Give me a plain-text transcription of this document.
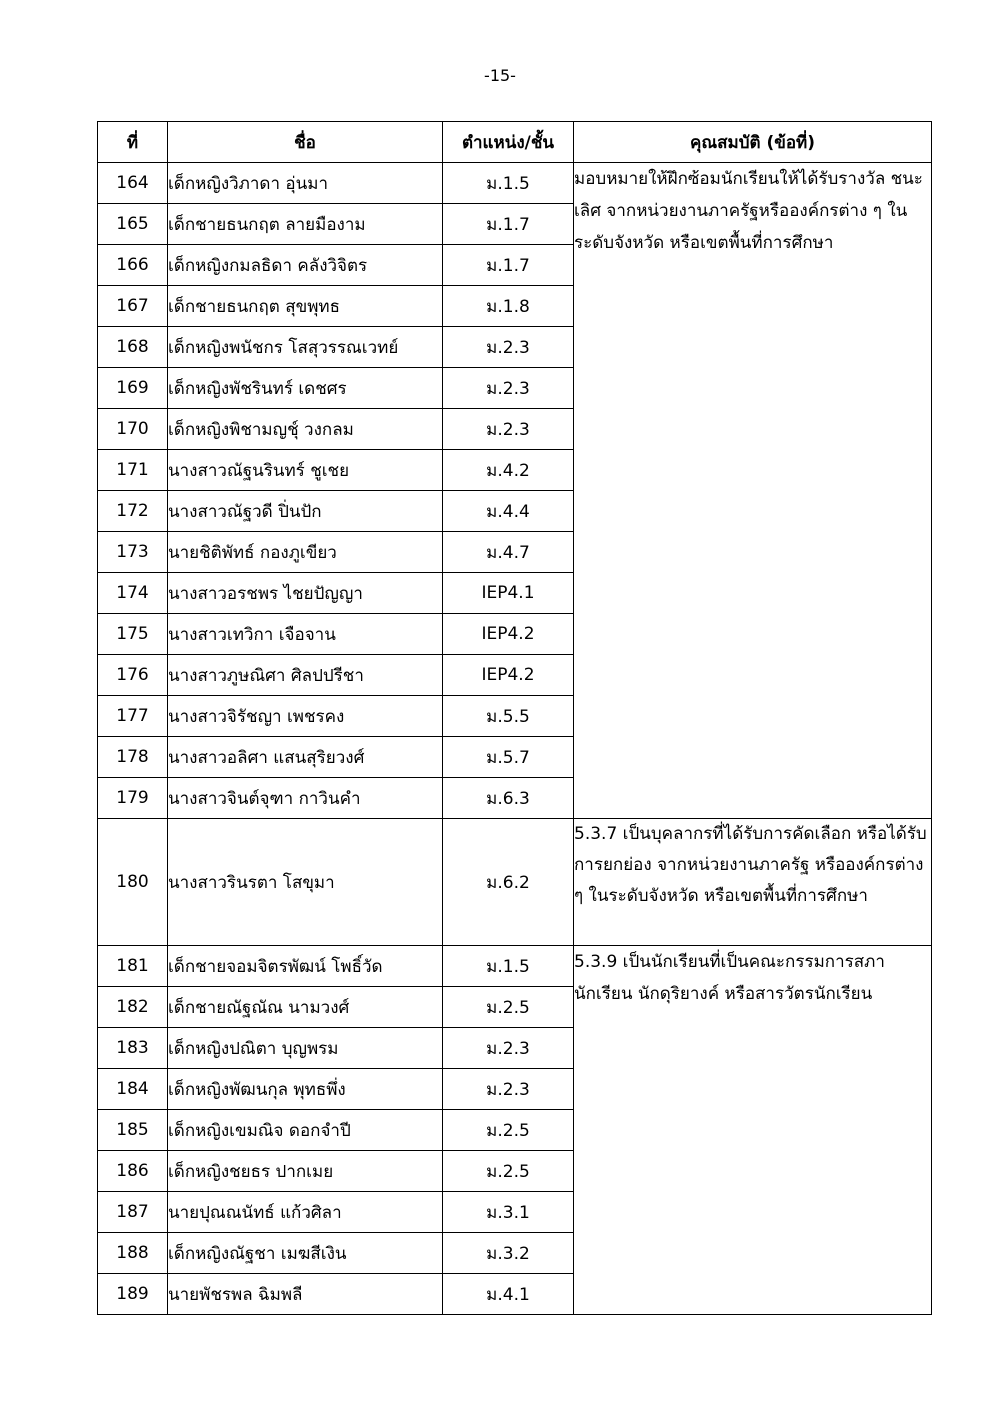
-15-
ที่	ชื่อ	ตำแหน่ง/ชั้น	คุณสมบัติ (ข้อที่)
164	เด็กหญิงวิภาดา อุ่นมา	ม.1.5	มอบหมายให้ฝึกซ้อมนักเรียนให้ได้รับรางวัล ชนะเลิศ จากหน่วยงานภาครัฐหรือองค์กรต่าง ๆ ในระดับจังหวัด หรือเขตพื้นที่การศึกษา
165	เด็กชายธนกฤต ลายมืองาม	ม.1.7	
166	เด็กหญิงกมลธิดา คลังวิจิตร	ม.1.7	
167	เด็กชายธนกฤต สุขพุทธ	ม.1.8	
168	เด็กหญิงพนัชกร โสสุวรรณเวทย์	ม.2.3	
169	เด็กหญิงพัชรินทร์ เดชศร	ม.2.3	
170	เด็กหญิงพิชามญชุ์ วงกลม	ม.2.3	
171	นางสาวณัฐนรินทร์ ชูเชย	ม.4.2	
172	นางสาวณัฐวดี ปิ่นปัก	ม.4.4	
173	นายชิติพัทธ์ กองภูเขียว	ม.4.7	
174	นางสาวอรชพร ไชยปัญญา	IEP4.1	
175	นางสาวเทวิกา เจือจาน	IEP4.2	
176	นางสาวภูษณิศา ศิลปปรีชา	IEP4.2	
177	นางสาวจิรัชญา เพชรคง	ม.5.5	
178	นางสาวอลิศา แสนสุริยวงศ์	ม.5.7	
179	นางสาวจินต์จุฑา กาวินคำ	ม.6.3	
180	นางสาวรินรตา โสขุมา	ม.6.2	5.3.7 เป็นบุคลากรที่ได้รับการคัดเลือก หรือได้รับการยกย่อง จากหน่วยงานภาครัฐ หรือองค์กรต่าง ๆ ในระดับจังหวัด หรือเขตพื้นที่การศึกษา
181	เด็กชายจอมจิตรพัฒน์ โพธิ์วัด	ม.1.5	5.3.9 เป็นนักเรียนที่เป็นคณะกรรมการสภานักเรียน นักดุริยางค์ หรือสารวัตรนักเรียน
182	เด็กชายณัฐณัณ นามวงศ์	ม.2.5	
183	เด็กหญิงปณิตา บุญพรม	ม.2.3	
184	เด็กหญิงพัฒนกุล พุทธพึ่ง	ม.2.3	
185	เด็กหญิงเขมณิจ ดอกจำปี	ม.2.5	
186	เด็กหญิงชยธร ปากเมย	ม.2.5	
187	นายปุณณนัทธ์ แก้วศิลา	ม.3.1	
188	เด็กหญิงณัฐชา เมฆสีเงิน	ม.3.2	
189	นายพัชรพล ฉิมพลี	ม.4.1	
